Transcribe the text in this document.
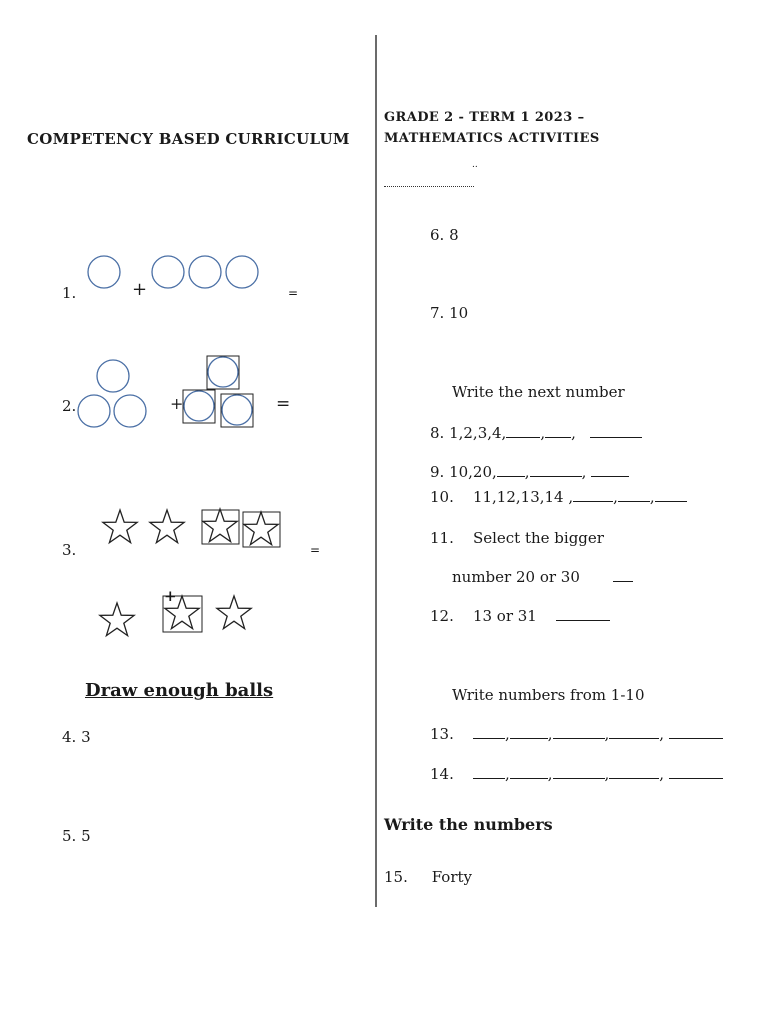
COMPETENCY BASED CURRICULUM
1.	+	=
2.	+	=
3.
+
=
Draw enough balls
4. 3
5. 5
GRADE 2 - TERM 1 2023 –
MATHEMATICS ACTIVITIES
..
6. 8
7. 10
Write the next number
8. 1,2,3,4, , ,
9. 10,20, ,	,
10. 11,12,13,14 ,	, ,
11. Select the bigger
number 20 or 30
12. 13 or 31
Write numbers from 1-10
13.	,	,	,	,
14.	,	,	,	,
Write the numbers
15. Forty
